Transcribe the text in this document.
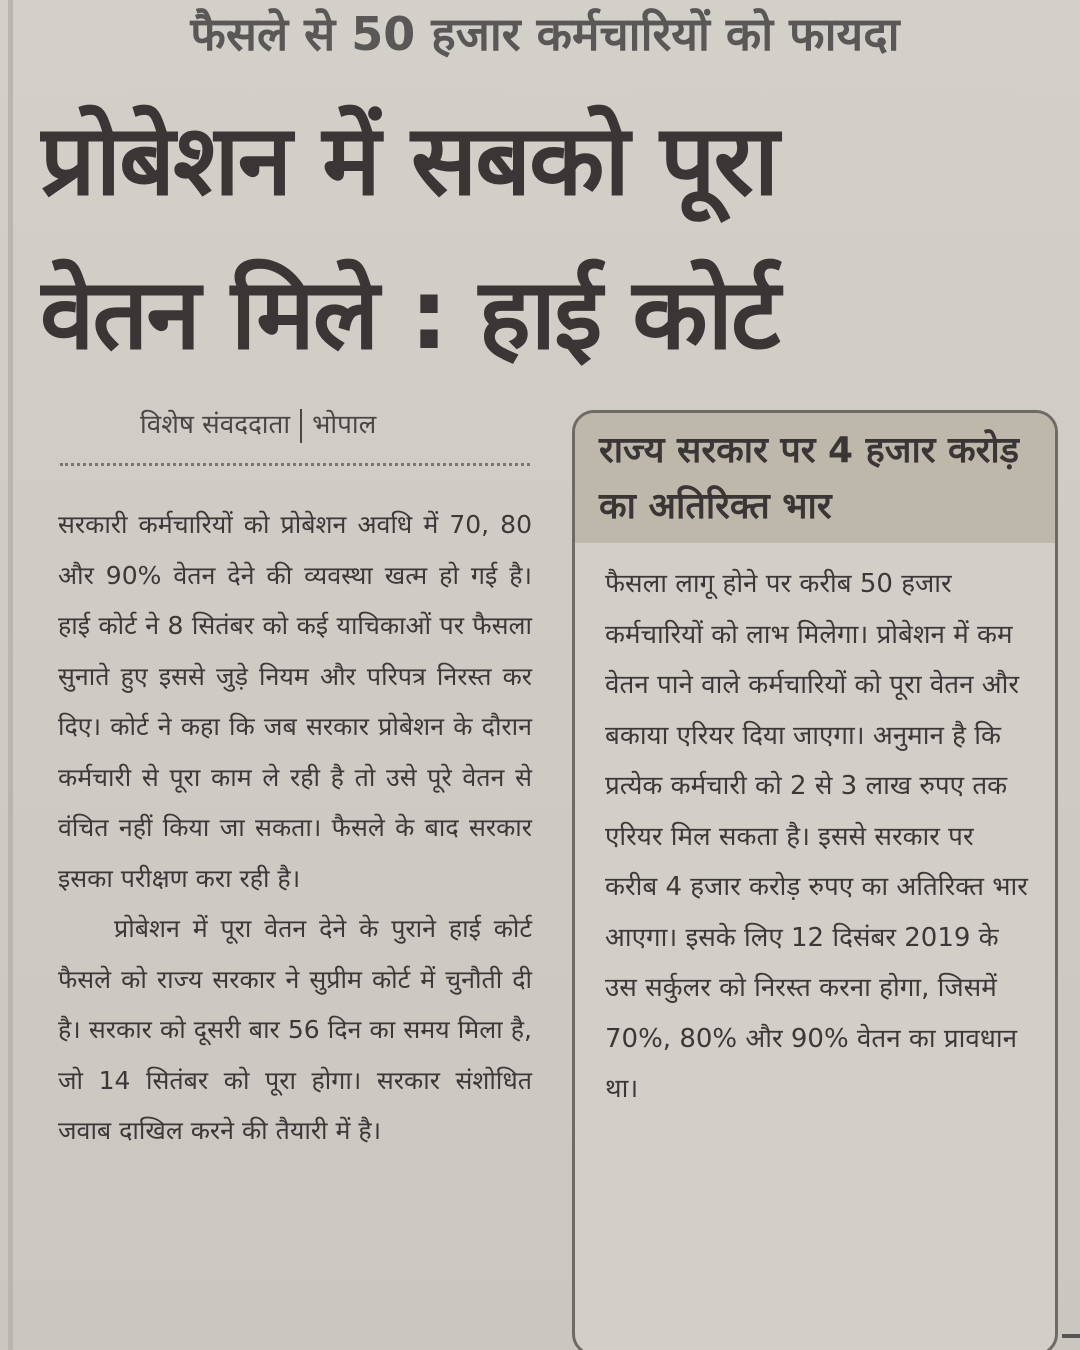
फैसले से 50 हजार कर्मचारियों को फायदा
प्रोबेशन में सबको पूरा
वेतन मिले : हाई कोर्ट
विशेष संवददाता भोपाल

सरकारी कर्मचारियों को प्रोबेशन अवधि में 70, 80 और 90% वेतन देने की व्यवस्था खत्म हो गई है। हाई कोर्ट ने 8 सितंबर को कई याचिकाओं पर फैसला सुनाते हुए इससे जुड़े नियम और परिपत्र निरस्त कर दिए। कोर्ट ने कहा कि जब सरकार प्रोबेशन के दौरान कर्मचारी से पूरा काम ले रही है तो उसे पूरे वेतन से वंचित नहीं किया जा सकता। फैसले के बाद सरकार इसका परीक्षण करा रही है।

प्रोबेशन में पूरा वेतन देने के पुराने हाई कोर्ट फैसले को राज्य सरकार ने सुप्रीम कोर्ट में चुनौती दी है। सरकार को दूसरी बार 56 दिन का समय मिला है, जो 14 सितंबर को पूरा होगा। सरकार संशोधित जवाब दाखिल करने की तैयारी में है।

राज्य सरकार पर 4 हजार करोड़ का अतिरिक्त भार

फैसला लागू होने पर करीब 50 हजार कर्मचारियों को लाभ मिलेगा। प्रोबेशन में कम वेतन पाने वाले कर्मचारियों को पूरा वेतन और बकाया एरियर दिया जाएगा। अनुमान है कि प्रत्येक कर्मचारी को 2 से 3 लाख रुपए तक एरियर मिल सकता है। इससे सरकार पर करीब 4 हजार करोड़ रुपए का अतिरिक्त भार आएगा। इसके लिए 12 दिसंबर 2019 के उस सर्कुलर को निरस्त करना होगा, जिसमें 70%, 80% और 90% वेतन का प्रावधान था।
